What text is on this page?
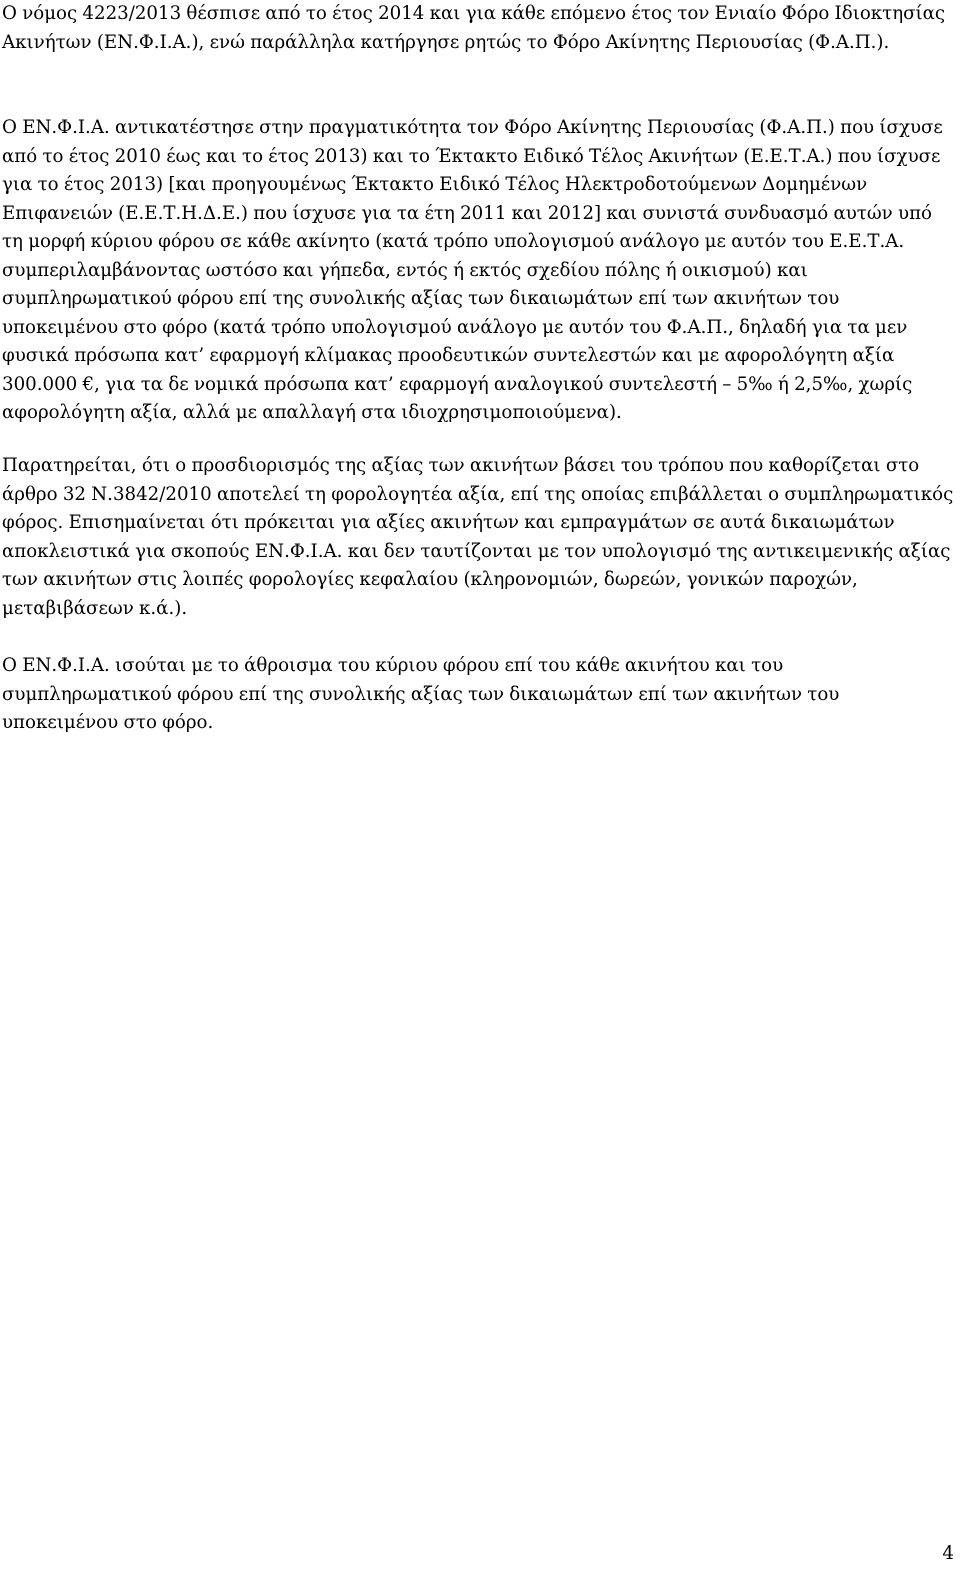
Ο νόμος 4223/2013 θέσπισε από το έτος 2014 και για κάθε επόμενο έτος τον Ενιαίο Φόρο Ιδιοκτησίας Ακινήτων (ΕΝ.Φ.Ι.Α.), ενώ παράλληλα κατήργησε ρητώς το Φόρο Ακίνητης Περιουσίας (Φ.Α.Π.).

Ο ΕΝ.Φ.Ι.Α. αντικατέστησε στην πραγματικότητα τον Φόρο Ακίνητης Περιουσίας (Φ.Α.Π.) που ίσχυσε από το έτος 2010 έως και το έτος 2013) και το Έκτακτο Ειδικό Τέλος Ακινήτων (Ε.Ε.Τ.Α.) που ίσχυσε για το έτος 2013) [και προηγουμένως Έκτακτο Ειδικό Τέλος Ηλεκτροδοτούμενων Δομημένων Επιφανειών (Ε.Ε.Τ.Η.Δ.Ε.) που ίσχυσε για τα έτη 2011 και 2012] και συνιστά συνδυασμό αυτών υπό τη μορφή κύριου φόρου σε κάθε ακίνητο (κατά τρόπο υπολογισμού ανάλογο με αυτόν του Ε.Ε.Τ.Α. συμπεριλαμβάνοντας ωστόσο και γήπεδα, εντός ή εκτός σχεδίου πόλης ή οικισμού) και συμπληρωματικού φόρου επί της συνολικής αξίας των δικαιωμάτων επί των ακινήτων του υποκειμένου στο φόρο (κατά τρόπο υπολογισμού ανάλογο με αυτόν του Φ.Α.Π., δηλαδή για τα μεν φυσικά πρόσωπα κατ’ εφαρμογή κλίμακας προοδευτικών συντελεστών και με αφορολόγητη αξία 300.000 €, για τα δε νομικά πρόσωπα κατ’ εφαρμογή αναλογικού συντελεστή – 5‰ ή 2,5‰, χωρίς αφορολόγητη αξία, αλλά με απαλλαγή στα ιδιοχρησιμοποιούμενα).

Παρατηρείται, ότι ο προσδιορισμός της αξίας των ακινήτων βάσει του τρόπου που καθορίζεται στο άρθρο 32 Ν.3842/2010 αποτελεί τη φορολογητέα αξία, επί της οποίας επιβάλλεται ο συμπληρωματικός φόρος. Επισημαίνεται ότι πρόκειται για αξίες ακινήτων και εμπραγμάτων σε αυτά δικαιωμάτων αποκλειστικά για σκοπούς ΕΝ.Φ.Ι.Α. και δεν ταυτίζονται με τον υπολογισμό της αντικειμενικής αξίας των ακινήτων στις λοιπές φορολογίες κεφαλαίου (κληρονομιών, δωρεών, γονικών παροχών, μεταβιβάσεων κ.ά.).

Ο ΕΝ.Φ.Ι.Α. ισούται με το άθροισμα του κύριου φόρου επί του κάθε ακινήτου και του συμπληρωματικού φόρου επί της συνολικής αξίας των δικαιωμάτων επί των ακινήτων του υποκειμένου στο φόρο.

4
